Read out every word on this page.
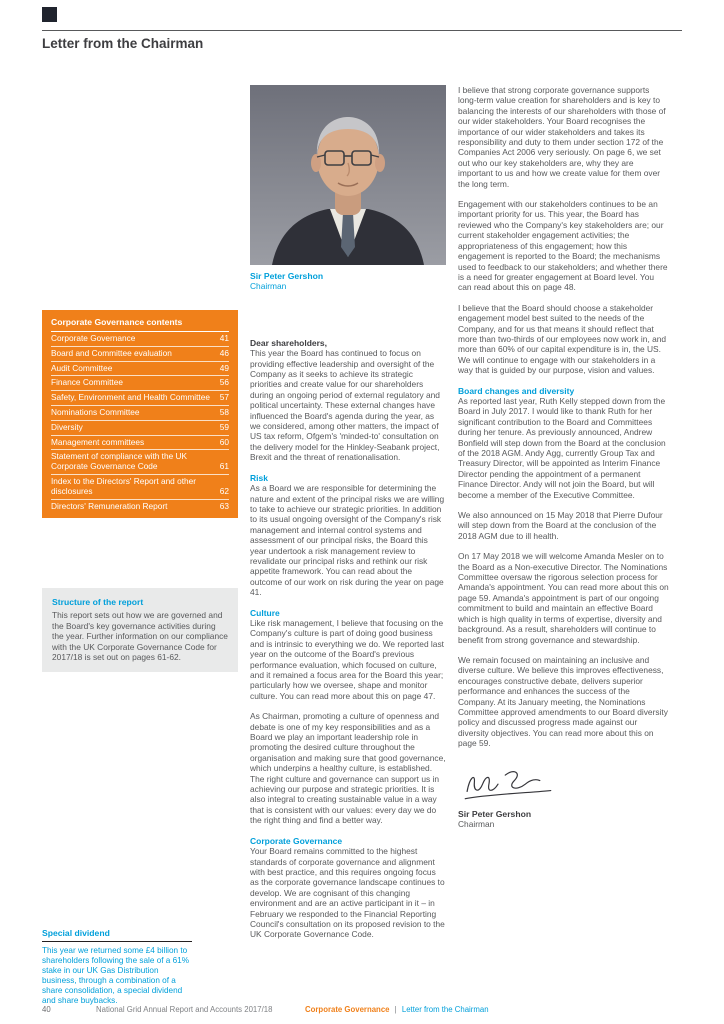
Letter from the Chairman
Corporate Governance contents
Corporate Governance	41
Board and Committee evaluation	46
Audit Committee	49
Finance Committee	56
Safety, Environment and Health Committee	57
Nominations Committee	58
Diversity	59
Management committees	60
Statement of compliance with the UK Corporate Governance Code	61
Index to the Directors' Report and other disclosures	62
Directors' Remuneration Report	63
Structure of the report

This report sets out how we are governed and the Board's key governance activities during the year. Further information on our compliance with the UK Corporate Governance Code for 2017/18 is set out on pages 61-62.

Special dividend

This year we returned some £4 billion to shareholders following the sale of a 61% stake in our UK Gas Distribution business, through a combination of a share consolidation, a special dividend and share buybacks.

Sir Peter Gershon
Chairman

Dear shareholders,

This year the Board has continued to focus on providing effective leadership and oversight of the Company as it seeks to achieve its strategic priorities and create value for our shareholders during an ongoing period of external regulatory and political uncertainty. These external changes have influenced the Board's agenda during the year, as we considered, among other matters, the impact of US tax reform, Ofgem's 'minded-to' consultation on the delivery model for the Hinkley-Seabank project, Brexit and the threat of renationalisation.

Risk

As a Board we are responsible for determining the nature and extent of the principal risks we are willing to take to achieve our strategic priorities. In addition to its usual ongoing oversight of the Company's risk management and internal control systems and assessment of our principal risks, the Board this year undertook a risk management review to revalidate our principal risks and rethink our risk appetite framework. You can read about the outcome of our work on risk during the year on page 41.

Culture

Like risk management, I believe that focusing on the Company's culture is part of doing good business and is intrinsic to everything we do. We reported last year on the outcome of the Board's previous performance evaluation, which focused on culture, and it remained a focus area for the Board this year; particularly how we oversee, shape and monitor culture. You can read more about this on page 47.

As Chairman, promoting a culture of openness and debate is one of my key responsibilities and as a Board we play an important leadership role in promoting the desired culture throughout the organisation and making sure that good governance, which underpins a healthy culture, is established. The right culture and governance can support us in achieving our purpose and strategic priorities. It is also integral to creating sustainable value in a way that is consistent with our values: every day we do the right thing and find a better way.

Corporate Governance

Your Board remains committed to the highest standards of corporate governance and alignment with best practice, and this requires ongoing focus as the corporate governance landscape continues to develop. We are cognisant of this changing environment and are an active participant in it – in February we responded to the Financial Reporting Council's consultation on its proposed revision to the UK Corporate Governance Code.

I believe that strong corporate governance supports long-term value creation for shareholders and is key to balancing the interests of our shareholders with those of our wider stakeholders. Your Board recognises the importance of our wider stakeholders and takes its responsibility and duty to them under section 172 of the Companies Act 2006 very seriously. On page 6, we set out who our key stakeholders are, why they are important to us and how we create value for them over the long term.

Engagement with our stakeholders continues to be an important priority for us. This year, the Board has reviewed who the Company's key stakeholders are; our current stakeholder engagement activities; the appropriateness of this engagement; how this engagement is reported to the Board; the mechanisms used to feedback to our stakeholders; and whether there is a need for greater engagement at Board level. You can read about this on page 48.

I believe that the Board should choose a stakeholder engagement model best suited to the needs of the Company, and for us that means it should reflect that more than two-thirds of our employees now work in, and more than 60% of our capital expenditure is in, the US. We will continue to engage with our stakeholders in a way that is guided by our purpose, vision and values.

Board changes and diversity

As reported last year, Ruth Kelly stepped down from the Board in July 2017. I would like to thank Ruth for her significant contribution to the Board and Committees during her tenure. As previously announced, Andrew Bonfield will step down from the Board at the conclusion of the 2018 AGM. Andy Agg, currently Group Tax and Treasury Director, will be appointed as Interim Finance Director pending the appointment of a permanent Finance Director. Andy will not join the Board, but will become a member of the Executive Committee.

We also announced on 15 May 2018 that Pierre Dufour will step down from the Board at the conclusion of the 2018 AGM due to ill health.

On 17 May 2018 we will welcome Amanda Mesler on to the Board as a Non-executive Director. The Nominations Committee oversaw the rigorous selection process for Amanda's appointment. You can read more about this on page 59. Amanda's appointment is part of our ongoing commitment to build and maintain an effective Board which is high quality in terms of expertise, diversity and background. As a result, shareholders will continue to benefit from strong governance and stewardship.

We remain focused on maintaining an inclusive and diverse culture. We believe this improves effectiveness, encourages constructive debate, delivers superior performance and enhances the success of the Company. At its January meeting, the Nominations Committee approved amendments to our Board diversity policy and discussed progress made against our diversity objectives. You can read more about this on page 59.

Sir Peter Gershon
Chairman
40	National Grid Annual Report and Accounts 2017/18	Corporate Governance | Letter from the Chairman
